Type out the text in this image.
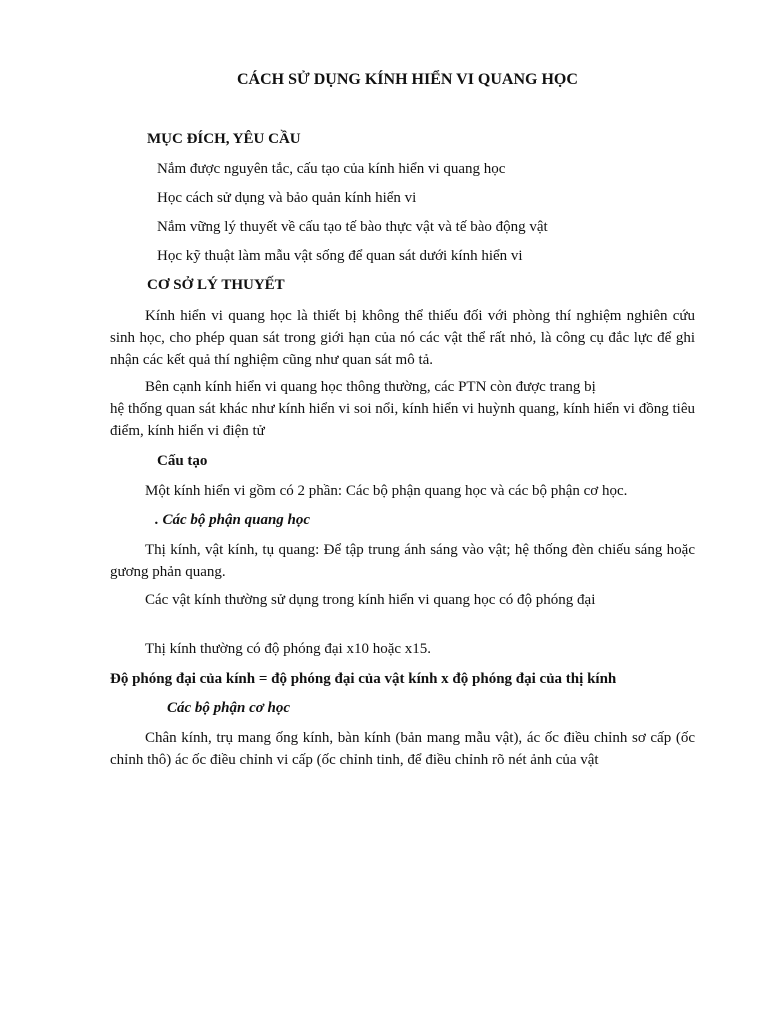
CÁCH SỬ DỤNG KÍNH HIỂN VI QUANG HỌC

MỤC ĐÍCH, YÊU CẦU

Nắm được nguyên tắc, cấu tạo của kính hiển vi quang học

Học cách sử dụng và bảo quản kính hiển vi

Nắm vững lý thuyết về cấu tạo tế bào thực vật và tế bào động vật

Học kỹ thuật làm mẫu vật sống để quan sát dưới kính hiển vi

CƠ SỞ LÝ THUYẾT

Kính hiển vi quang học là thiết bị không thể thiếu đối với phòng thí nghiệm nghiên cứu sinh học, cho phép quan sát trong giới hạn của nó các vật thể rất nhỏ, là công cụ đắc lực để ghi nhận các kết quả thí nghiệm cũng như quan sát mô tả.

Bên cạnh kính hiển vi quang học thông thường, các PTN còn được trang bị

hệ thống quan sát khác như kính hiển vi soi nổi, kính hiển vi huỳnh quang, kính hiển vi đồng tiêu điểm, kính hiển vi điện tử

Cấu tạo

Một kính hiển vi gồm có 2 phần: Các bộ phận quang học và các bộ phận cơ học.

. Các bộ phận quang học

Thị kính, vật kính, tụ quang: Để tập trung ánh sáng vào vật; hệ thống đèn chiếu sáng hoặc gương phản quang.

Các vật kính thường sử dụng trong kính hiển vi quang học có độ phóng đại

Thị kính thường có độ phóng đại x10 hoặc x15.

Độ phóng đại của kính = độ phóng đại của vật kính x độ phóng đại của thị kính

Các bộ phận cơ học

Chân kính, trụ mang ống kính, bàn kính (bản mang mẫu vật), ác ốc điều chỉnh sơ cấp (ốc chỉnh thô) ác ốc điều chỉnh vi cấp (ốc chỉnh tinh, để điều chỉnh rõ nét ảnh của vật
